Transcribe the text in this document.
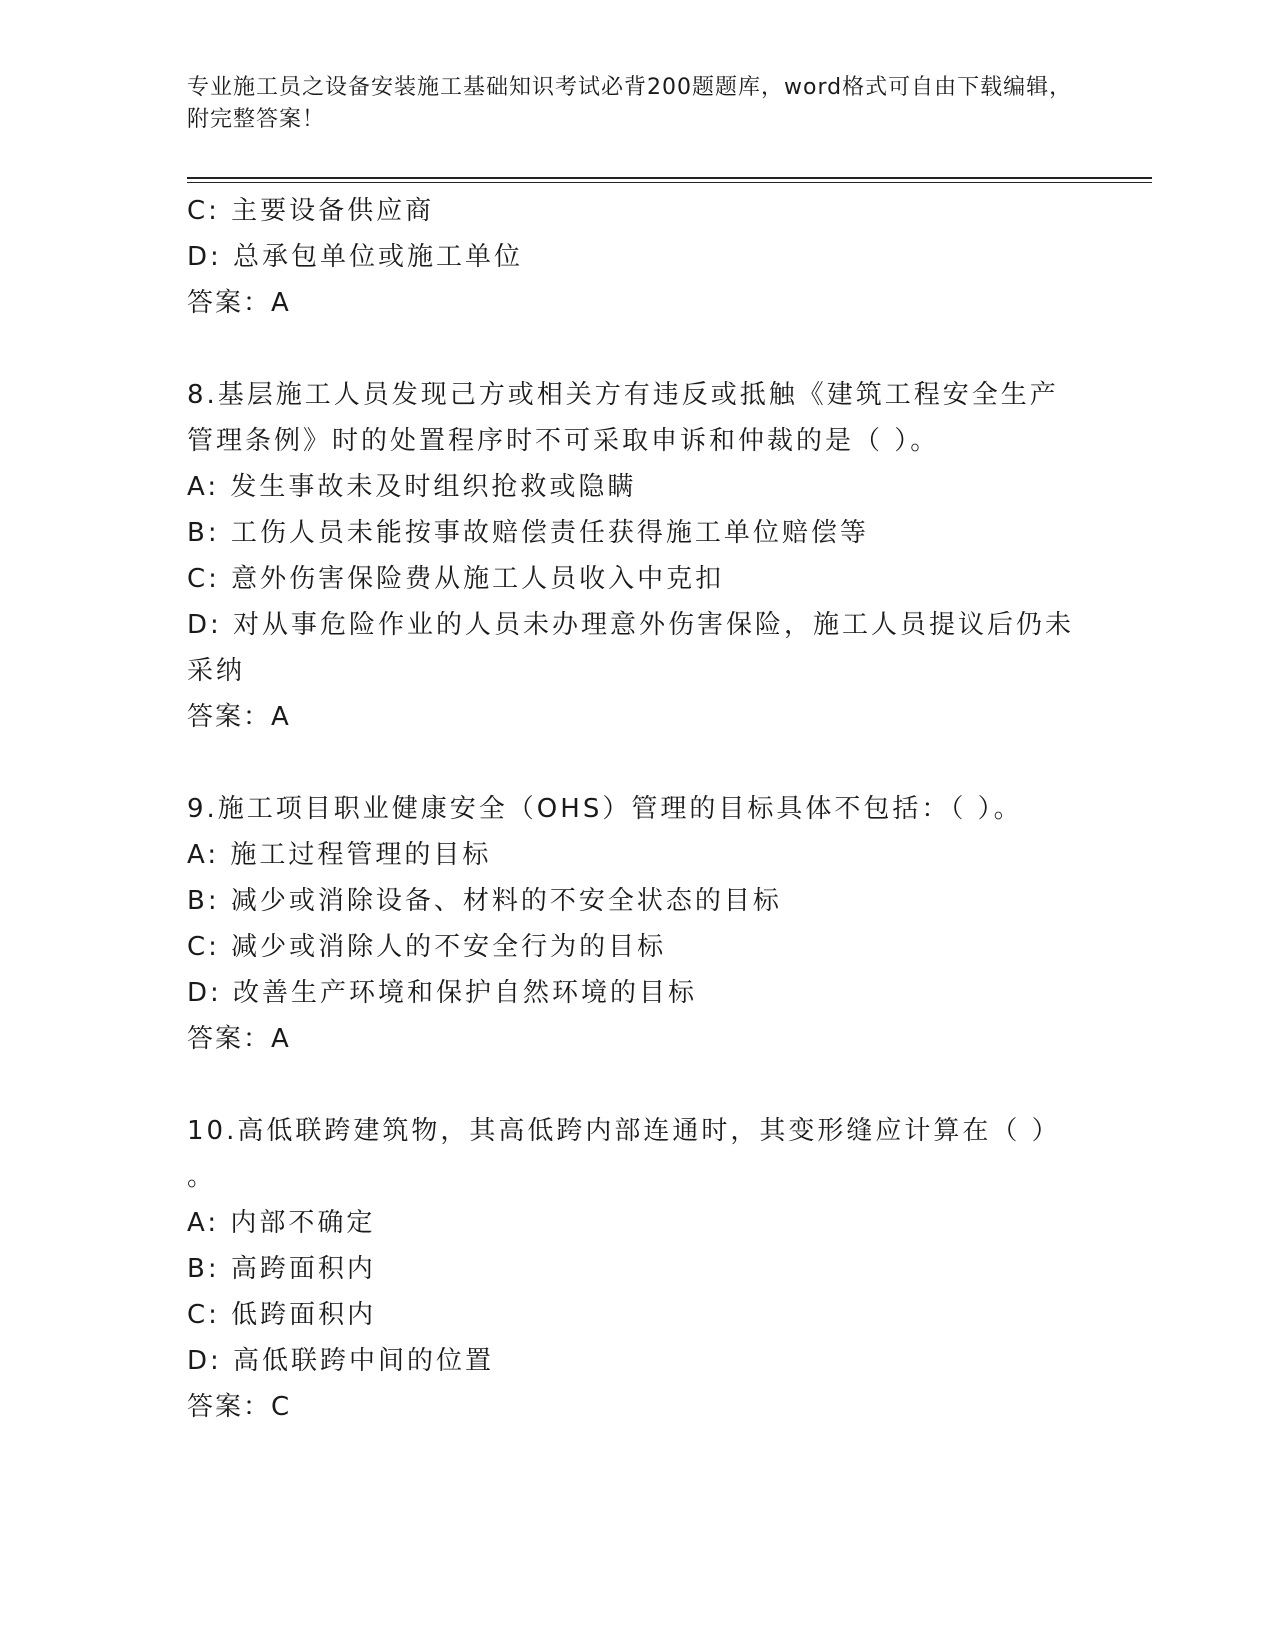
专业施工员之设备安装施工基础知识考试必背200题题库，word格式可自由下载编辑，附完整答案！
C: 主要设备供应商
D: 总承包单位或施工单位
答案：A
8.基层施工人员发现己方或相关方有违反或抵触《建筑工程安全生产
管理条例》时的处置程序时不可采取申诉和仲裁的是（ ）。
A: 发生事故未及时组织抢救或隐瞒
B: 工伤人员未能按事故赔偿责任获得施工单位赔偿等
C: 意外伤害保险费从施工人员收入中克扣
D: 对从事危险作业的人员未办理意外伤害保险，施工人员提议后仍未
采纳
答案：A
9.施工项目职业健康安全（OHS）管理的目标具体不包括：（ ）。
A: 施工过程管理的目标
B: 减少或消除设备、材料的不安全状态的目标
C: 减少或消除人的不安全行为的目标
D: 改善生产环境和保护自然环境的目标
答案：A
10.高低联跨建筑物，其高低跨内部连通时，其变形缝应计算在（ ）
。
A: 内部不确定
B: 高跨面积内
C: 低跨面积内
D: 高低联跨中间的位置
答案：C
